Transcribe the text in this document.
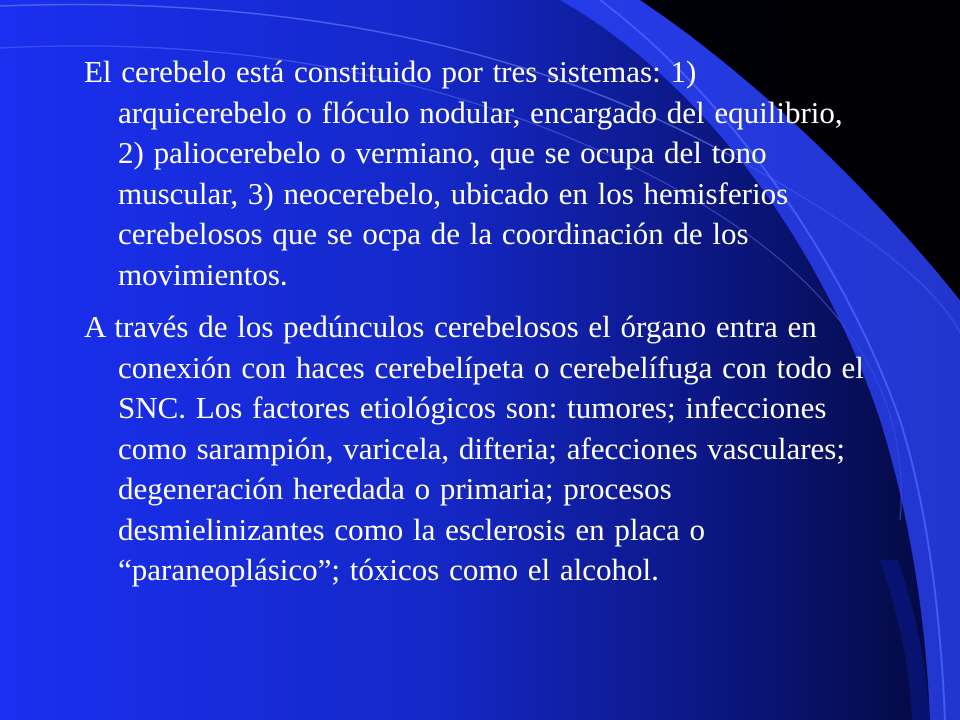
El cerebelo está constituido por tres sistemas: 1) arquicerebelo o flóculo nodular, encargado del equilibrio, 2) paliocerebelo o vermiano, que se ocupa del tono muscular, 3) neocerebelo, ubicado en los hemisferios cerebelosos que se ocpa de la coordinación de los movimientos.

A través de los pedúnculos cerebelosos el órgano entra en conexión con haces cerebelípeta o cerebelífuga con todo el SNC. Los factores etiológicos son: tumores; infecciones como sarampión, varicela, difteria; afecciones vasculares; degeneración heredada o primaria; procesos desmielinizantes como la esclerosis en placa o “paraneoplásico”; tóxicos como el alcohol.
